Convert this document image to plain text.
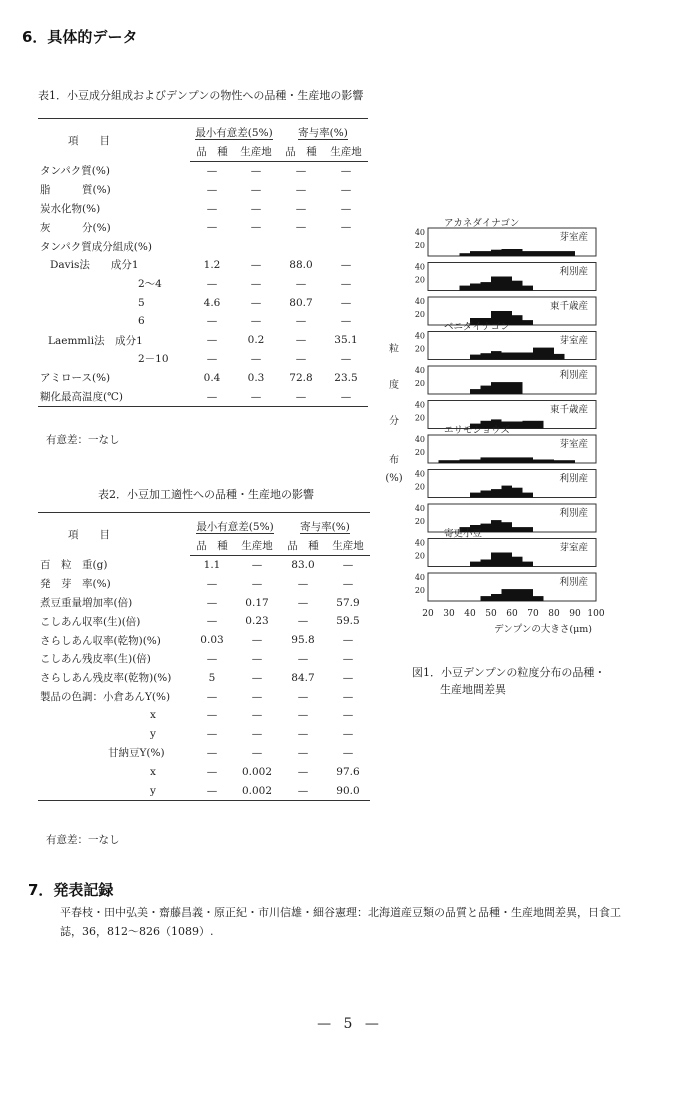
6．具体的データ
表1．小豆成分組成およびデンプンの物性への品種・生産地の影響
項　　目	最小有意差(5%)		寄与率(%)	
	品　種	生産地	品　種	生産地
タンパク質(%)	—	—	—	—
脂　　　質(%)	—	—	—	—
炭水化物(%)	—	—	—	—
灰　　　分(%)	—	—	—	—
タンパク質成分組成(%)				
Davis法　　成分1	1.2	—	88.0	—
2～4	—	—	—	—
5	4.6	—	80.7	—
6	—	—	—	—
Laemmli法　成分1	—	0.2	—	35.1
2－10	—	—	—	—
アミロース(%)	0.4	0.3	72.8	23.5
糊化最高温度(℃)	—	—	—	—
有意差：一なし
表2．小豆加工適性への品種・生産地の影響
項　　目	最小有意差(5%)		寄与率(%)	
	品　種	生産地	品　種	生産地
百　粒　重(g)	1.1	—	83.0	—
発　芽　率(%)	—	—	—	—
煮豆重量増加率(倍)	—	0.17	—	57.9
こしあん収率(生)(倍)	—	0.23	—	59.5
さらしあん収率(乾物)(%)	0.03	—	95.8	—
こしあん残皮率(生)(倍)	—	—	—	—
さらしあん残皮率(乾物)(%)	5	—	84.7	—
製品の色調：小倉あんY(%)	—	—	—	—
x	—	—	—	—
y	—	—	—	—
甘納豆Y(%)	—	—	—	—
x	—	0.002	—	97.6
y	—	0.002	—	90.0
有意差：一なし
40
20
アカネダイナゴン
芽室産
40
20
利別産
40
20
東千歳産
40
20
ベニダイナゴン
芽室産
40
20
利別産
40
20
東千歳産
40
20
エリモショウズ
芽室産
40
20
利別産
40
20
利別産
40
20
寄更小豆
芽室産
40
20
利別産
粒
度
分
布
(%)
20 30 40 50 60 70 80 90 100
デンプンの大きさ(μm)
図1．小豆デンプンの粒度分布の品種・
生産地間差異
7．発表記録
平春枝・田中弘美・齋藤昌義・原正紀・市川信雄・細谷憲理：北海道産豆類の品質と品種・生産地間差異，日食工
誌，36，812～826（1089）.
— 5 —
